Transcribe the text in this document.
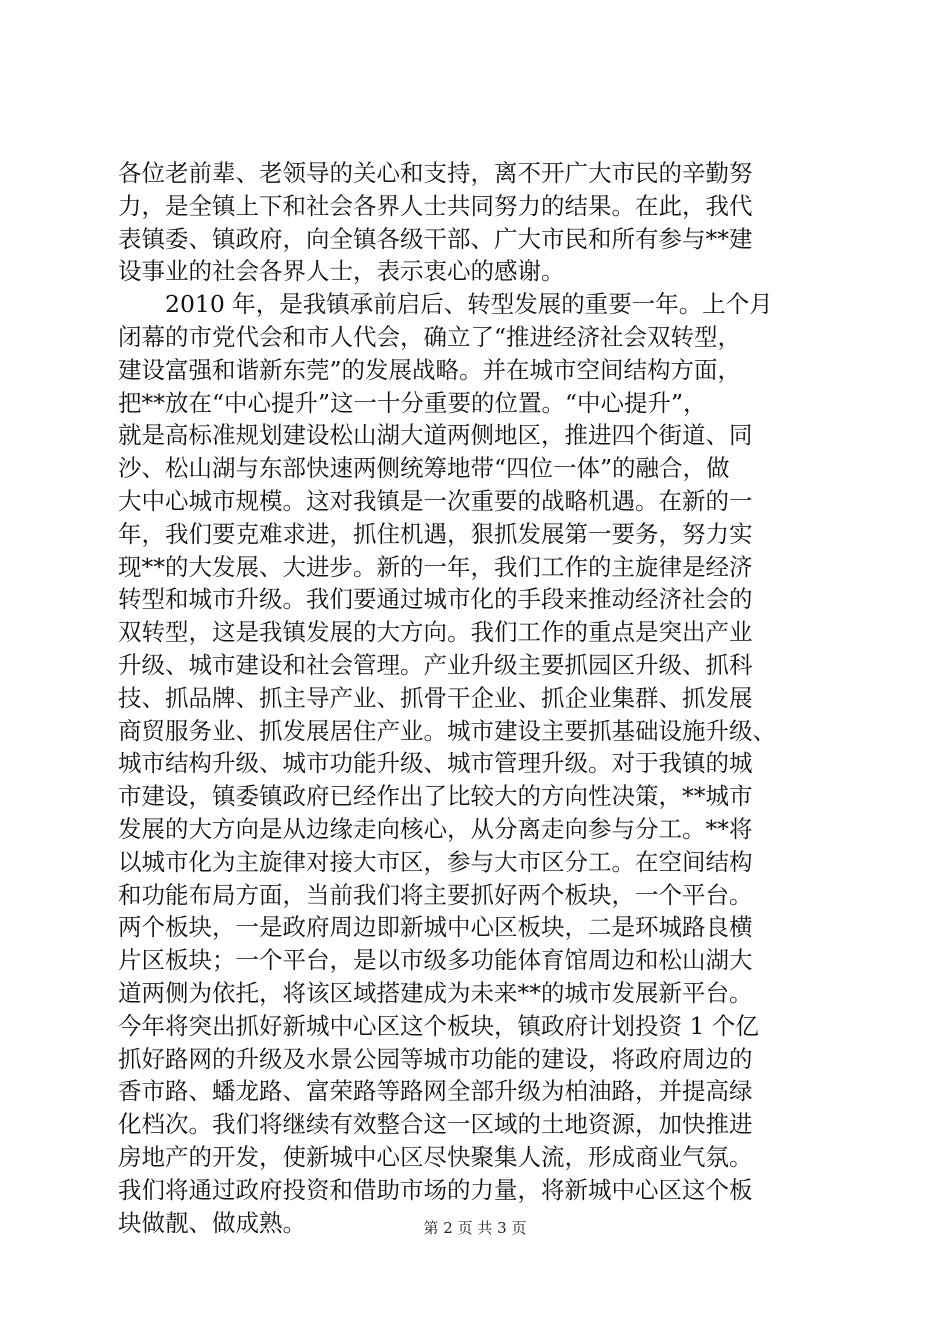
各位老前辈、老领导的关心和支持，离不开广大市民的辛勤努
力，是全镇上下和社会各界人士共同努力的结果。在此，我代
表镇委、镇政府，向全镇各级干部、广大市民和所有参与**建
设事业的社会各界人士，表示衷心的感谢。
　　2010 年，是我镇承前启后、转型发展的重要一年。上个月
闭幕的市党代会和市人代会，确立了“推进经济社会双转型，
建设富强和谐新东莞”的发展战略。并在城市空间结构方面，
把**放在“中心提升”这一十分重要的位置。“中心提升”，
就是高标准规划建设松山湖大道两侧地区，推进四个街道、同
沙、松山湖与东部快速两侧统筹地带“四位一体”的融合，做
大中心城市规模。这对我镇是一次重要的战略机遇。在新的一
年，我们要克难求进，抓住机遇，狠抓发展第一要务，努力实
现**的大发展、大进步。新的一年，我们工作的主旋律是经济
转型和城市升级。我们要通过城市化的手段来推动经济社会的
双转型，这是我镇发展的大方向。我们工作的重点是突出产业
升级、城市建设和社会管理。产业升级主要抓园区升级、抓科
技、抓品牌、抓主导产业、抓骨干企业、抓企业集群、抓发展
商贸服务业、抓发展居住产业。城市建设主要抓基础设施升级、
城市结构升级、城市功能升级、城市管理升级。对于我镇的城
市建设，镇委镇政府已经作出了比较大的方向性决策，**城市
发展的大方向是从边缘走向核心，从分离走向参与分工。**将
以城市化为主旋律对接大市区，参与大市区分工。在空间结构
和功能布局方面，当前我们将主要抓好两个板块，一个平台。
两个板块，一是政府周边即新城中心区板块，二是环城路良横
片区板块；一个平台，是以市级多功能体育馆周边和松山湖大
道两侧为依托，将该区域搭建成为未来**的城市发展新平台。
今年将突出抓好新城中心区这个板块，镇政府计划投资 1 个亿
抓好路网的升级及水景公园等城市功能的建设，将政府周边的
香市路、蟠龙路、富荣路等路网全部升级为柏油路，并提高绿
化档次。我们将继续有效整合这一区域的土地资源，加快推进
房地产的开发，使新城中心区尽快聚集人流，形成商业气氛。
我们将通过政府投资和借助市场的力量，将新城中心区这个板
块做靓、做成熟。	第 2 页 共 3 页
